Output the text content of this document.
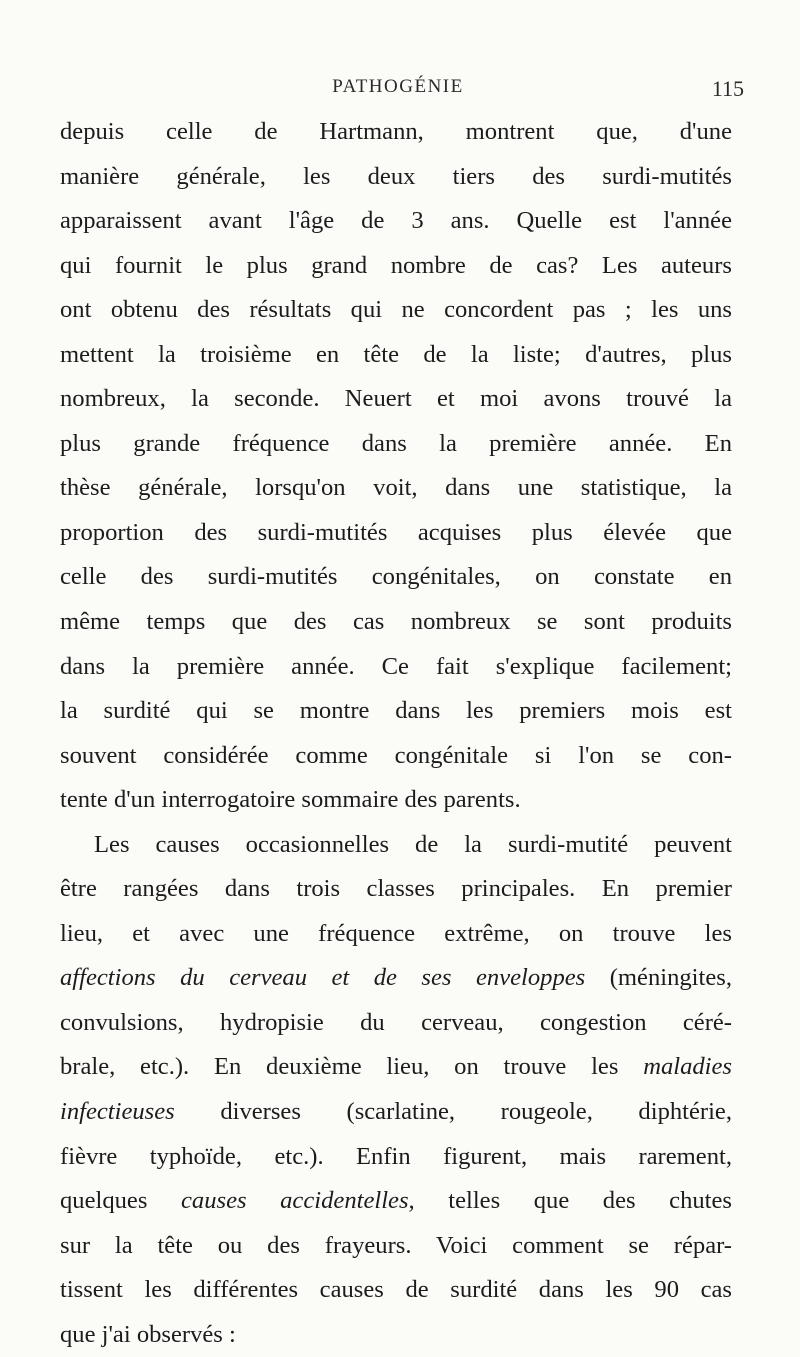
PATHOGÉNIE	115
depuis celle de Hartmann, montrent que, d'une
manière générale, les deux tiers des surdi-mutités
apparaissent avant l'âge de 3 ans. Quelle est l'année
qui fournit le plus grand nombre de cas? Les auteurs
ont obtenu des résultats qui ne concordent pas ; les uns
mettent la troisième en tête de la liste; d'autres, plus
nombreux, la seconde. Neuert et moi avons trouvé la
plus grande fréquence dans la première année. En
thèse générale, lorsqu'on voit, dans une statistique, la
proportion des surdi-mutités acquises plus élevée que
celle des surdi-mutités congénitales, on constate en
même temps que des cas nombreux se sont produits
dans la première année. Ce fait s'explique facilement;
la surdité qui se montre dans les premiers mois est
souvent considérée comme congénitale si l'on se con-
tente d'un interrogatoire sommaire des parents.
Les causes occasionnelles de la surdi-mutité peuvent
être rangées dans trois classes principales. En premier
lieu, et avec une fréquence extrême, on trouve les
affections du cerveau et de ses enveloppes (méningites,
convulsions, hydropisie du cerveau, congestion céré-
brale, etc.). En deuxième lieu, on trouve les maladies
infectieuses diverses (scarlatine, rougeole, diphtérie,
fièvre typhoïde, etc.). Enfin figurent, mais rarement,
quelques causes accidentelles, telles que des chutes
sur la tête ou des frayeurs. Voici comment se répar-
tissent les différentes causes de surdité dans les 90 cas
que j'ai observés :
